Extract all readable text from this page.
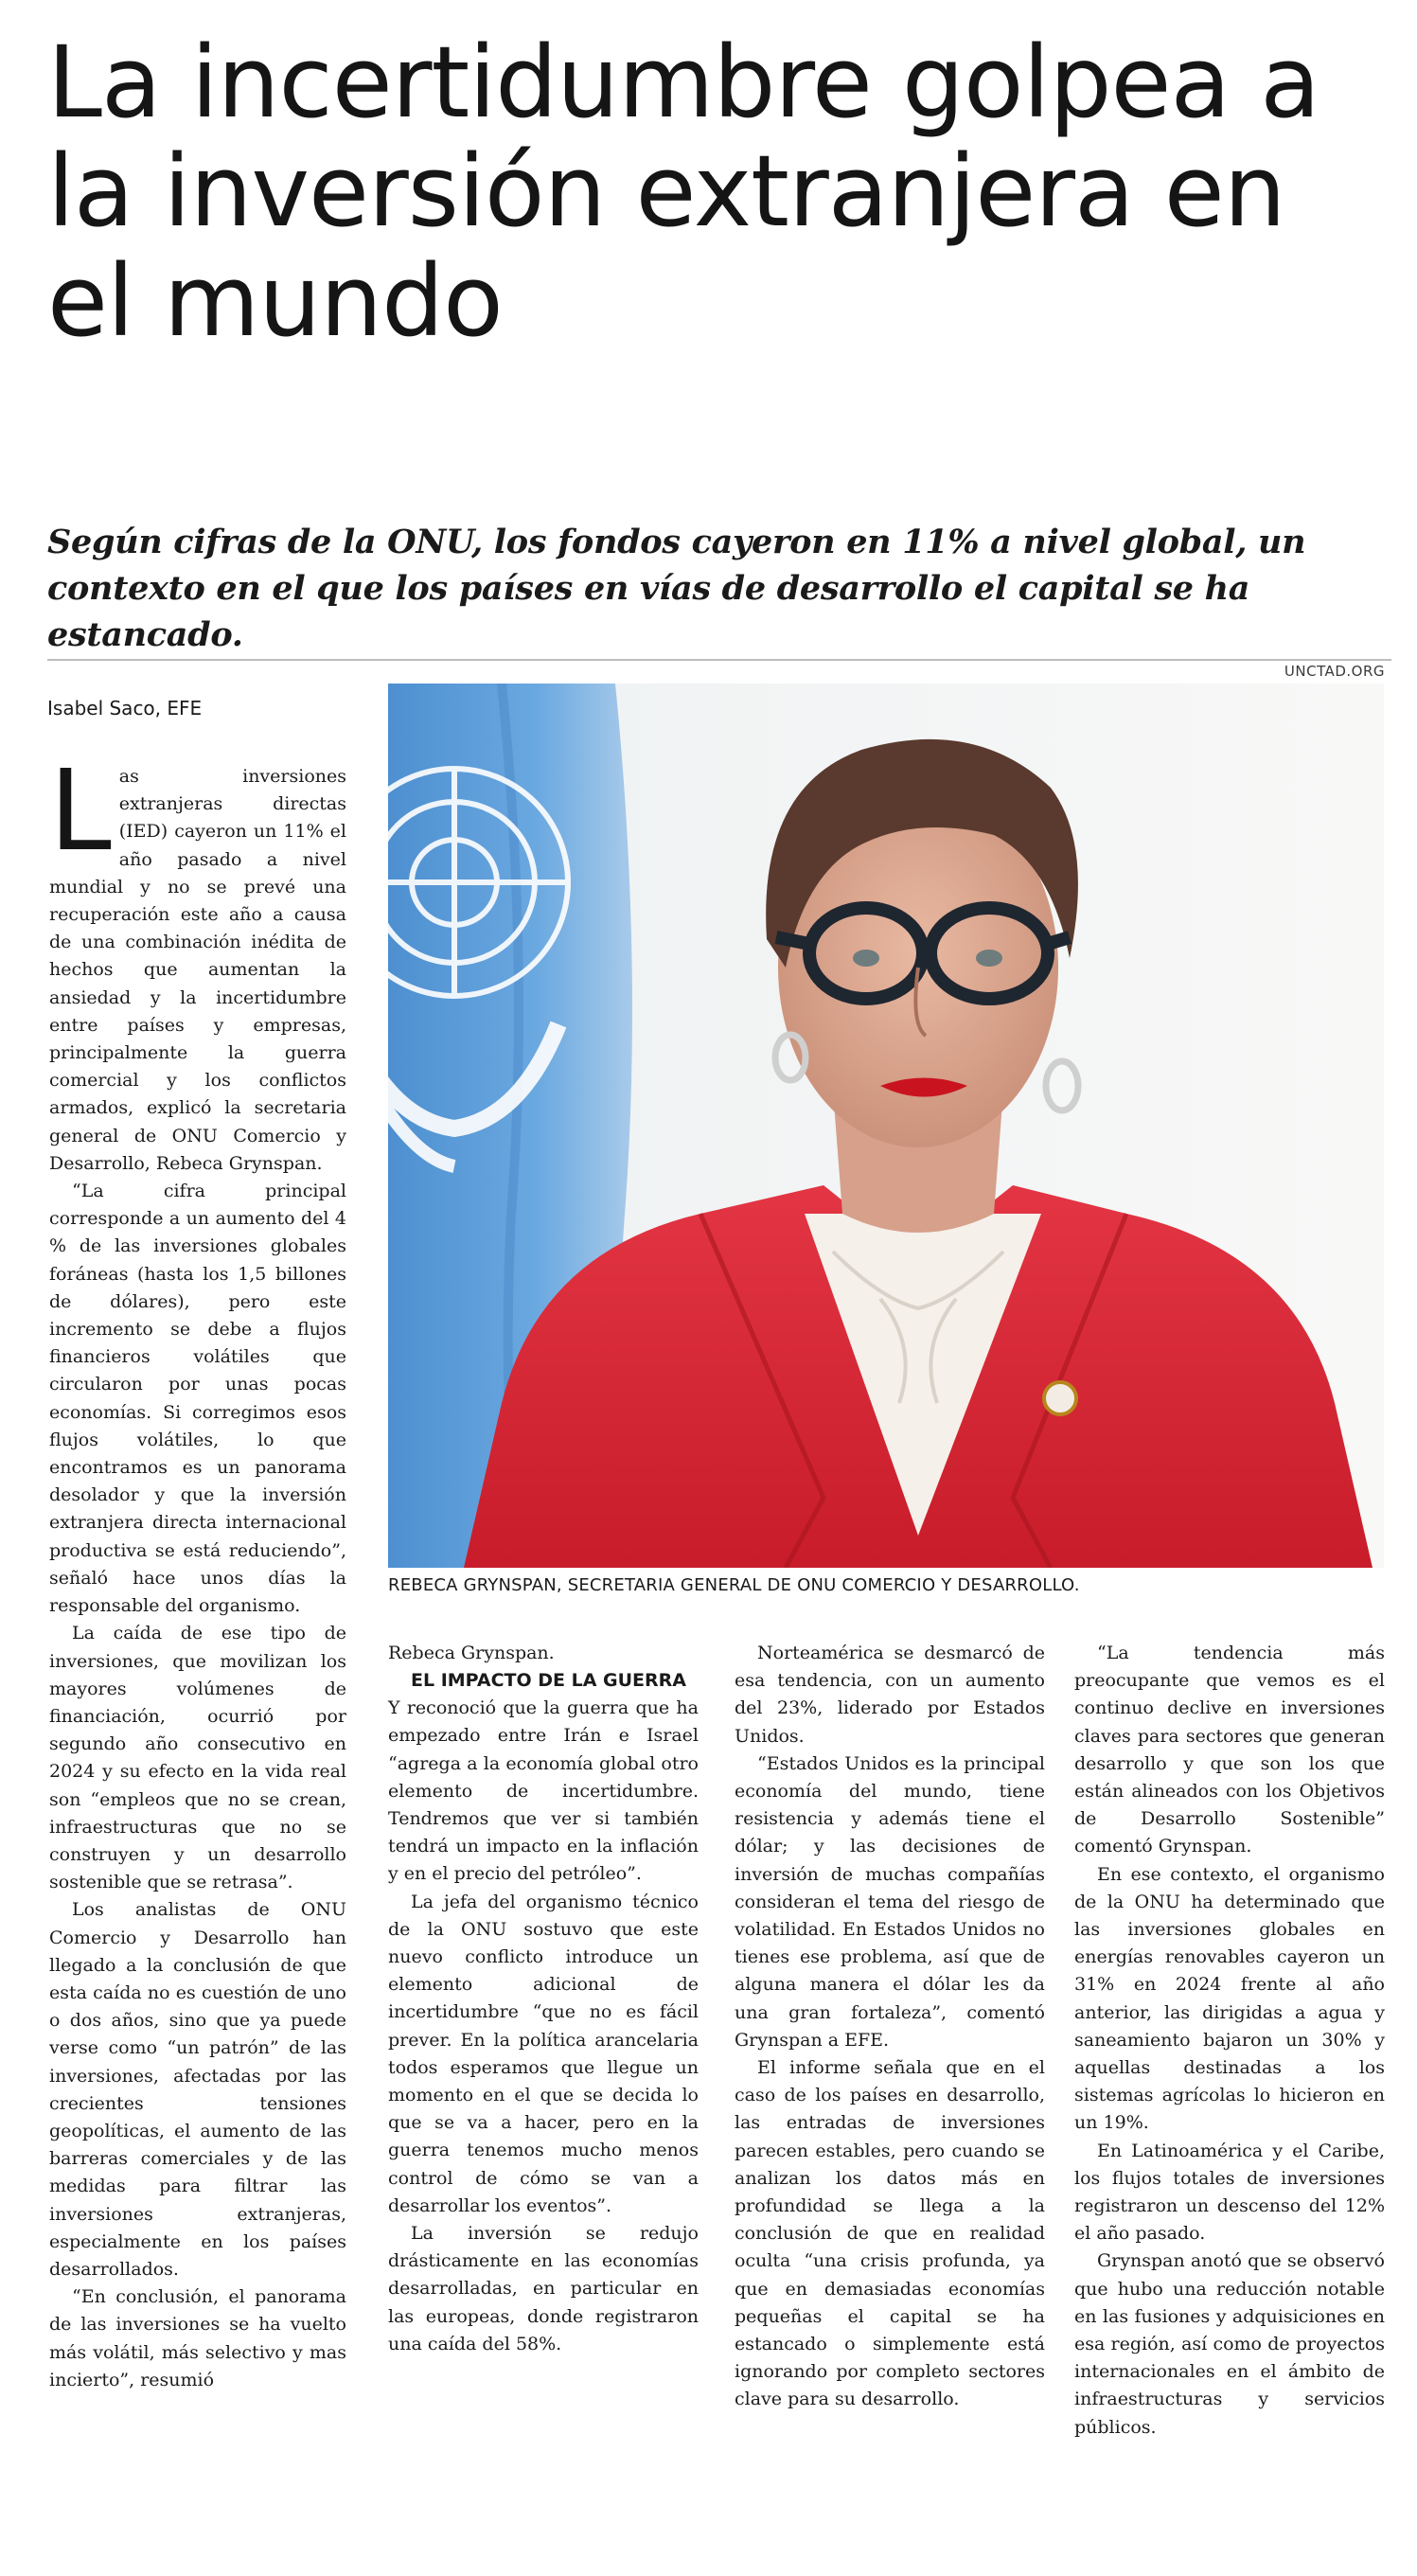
La incertidumbre golpea a la inversión extranjera en el mundo

Según cifras de la ONU, los fondos cayeron en 11% a nivel global, un contexto en el que los países en vías de desarrollo el capital se ha estancado.

Isabel Saco, EFE
UNCTAD.ORG
REBECA GRYNSPAN, SECRETARIA GENERAL DE ONU COMERCIO Y DESARROLLO.

Las inversiones extranjeras directas (IED) cayeron un 11% el año pasado a nivel mundial y no se prevé una recuperación este año a causa de una combinación inédita de hechos que aumentan la ansiedad y la incertidumbre entre países y empresas, principalmente la guerra comercial y los conflictos armados, explicó la secretaria general de ONU Comercio y Desarrollo, Rebeca Grynspan.

“La cifra principal corresponde a un aumento del 4 % de las inversiones globales foráneas (hasta los 1,5 billones de dólares), pero este incremento se debe a flujos financieros volátiles que circularon por unas pocas economías. Si corregimos esos flujos volátiles, lo que encontramos es un panorama desolador y que la inversión extranjera directa internacional productiva se está reduciendo”, señaló hace unos días la responsable del organismo.

La caída de ese tipo de inversiones, que movilizan los mayores volúmenes de financiación, ocurrió por segundo año consecutivo en 2024 y su efecto en la vida real son “empleos que no se crean, infraestructuras que no se construyen y un desarrollo sostenible que se retrasa”.

Los analistas de ONU Comercio y Desarrollo han llegado a la conclusión de que esta caída no es cuestión de uno o dos años, sino que ya puede verse como “un patrón” de las inversiones, afectadas por las crecientes tensiones geopolíticas, el aumento de las barreras comerciales y de las medidas para filtrar las inversiones extranjeras, especialmente en los países desarrollados.

“En conclusión, el panorama de las inversiones se ha vuelto más volátil, más selectivo y mas incierto”, resumió

Rebeca Grynspan.

EL IMPACTO DE LA GUERRA

Y reconoció que la guerra que ha empezado entre Irán e Israel “agrega a la economía global otro elemento de incertidumbre. Tendremos que ver si también tendrá un impacto en la inflación y en el precio del petróleo”.

La jefa del organismo técnico de la ONU sostuvo que este nuevo conflicto introduce un elemento adicional de incertidumbre “que no es fácil prever. En la política arancelaria todos esperamos que llegue un momento en el que se decida lo que se va a hacer, pero en la guerra tenemos mucho menos control de cómo se van a desarrollar los eventos”.

La inversión se redujo drásticamente en las economías desarrolladas, en particular en las europeas, donde registraron una caída del 58%.

Norteamérica se desmarcó de esa tendencia, con un aumento del 23%, liderado por Estados Unidos.

“Estados Unidos es la principal economía del mundo, tiene resistencia y además tiene el dólar; y las decisiones de inversión de muchas compañías consideran el tema del riesgo de volatilidad. En Estados Unidos no tienes ese problema, así que de alguna manera el dólar les da una gran fortaleza”, comentó Grynspan a EFE.

El informe señala que en el caso de los países en desarrollo, las entradas de inversiones parecen estables, pero cuando se analizan los datos más en profundidad se llega a la conclusión de que en realidad oculta “una crisis profunda, ya que en demasiadas economías pequeñas el capital se ha estancado o simplemente está ignorando por completo sectores clave para su desarrollo.

“La tendencia más preocupante que vemos es el continuo declive en inversiones claves para sectores que generan desarrollo y que son los que están alineados con los Objetivos de Desarrollo Sostenible” comentó Grynspan.

En ese contexto, el organismo de la ONU ha determinado que las inversiones globales en energías renovables cayeron un 31% en 2024 frente al año anterior, las dirigidas a agua y saneamiento bajaron un 30% y aquellas destinadas a los sistemas agrícolas lo hicieron en un 19%.

En Latinoamérica y el Caribe, los flujos totales de inversiones registraron un descenso del 12% el año pasado.

Grynspan anotó que se observó que hubo una reducción notable en las fusiones y adquisiciones en esa región, así como de proyectos internacionales en el ámbito de infraestructuras y servicios públicos.
